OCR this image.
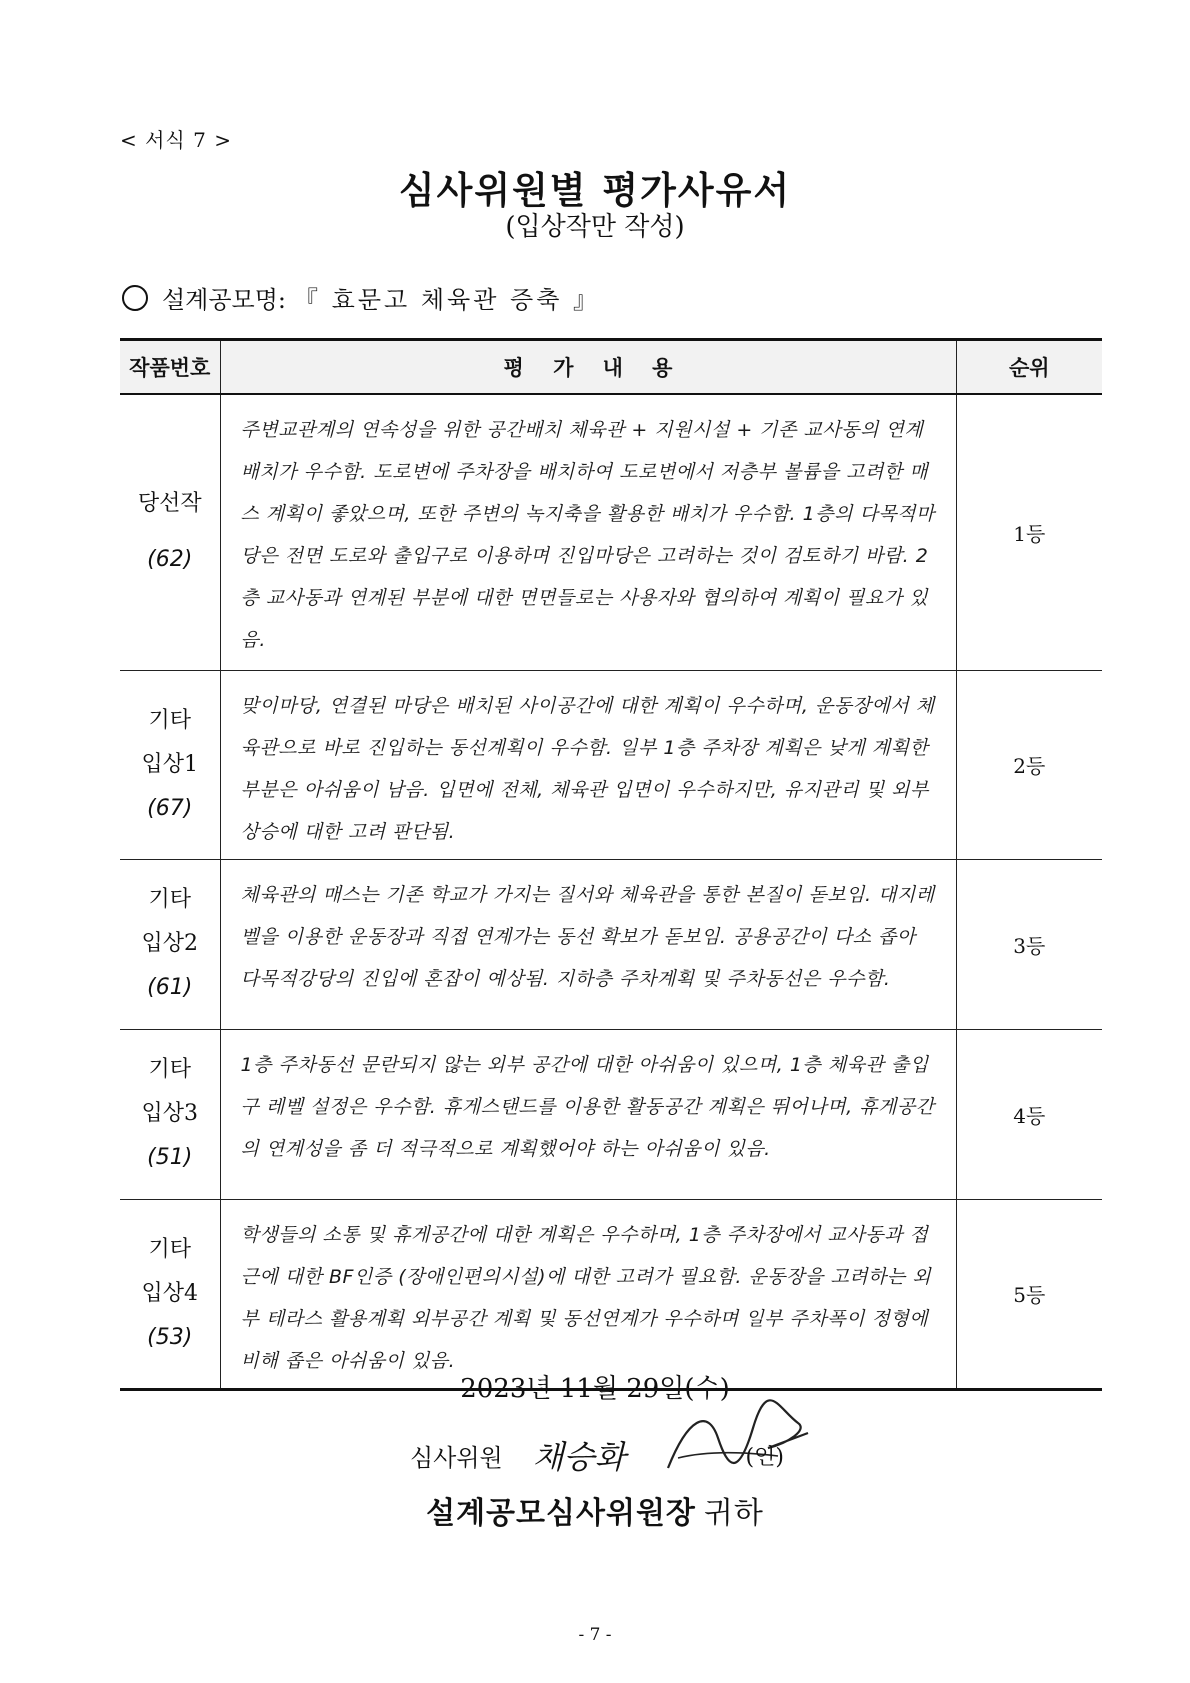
< 서식 7 >
심사위원별 평가사유서
(입상작만 작성)
설계공모명: 『 효문고 체육관 증축 』
작품번호	평    가    내    용	순위

당선작
(62)	주변교관계의 연속성을 위한 공간배치 체육관 + 지원시설 + 기존 교사동의 연계배치가 우수함. 도로변에 주차장을 배치하여 도로변에서 저층부 볼륨을 고려한 매스 계획이 좋았으며, 또한 주변의 녹지축을 활용한 배치가 우수함. 1층의 다목적마당은 전면 도로와 출입구로 이용하며 진입마당은 고려하는 것이 검토하기 바람. 2층 교사동과 연계된 부분에 대한 면면들로는 사용자와 협의하여 계획이 필요가 있음.	1등

기타
입상1
(67)	맞이마당, 연결된 마당은 배치된 사이공간에 대한 계획이 우수하며, 운동장에서 체육관으로 바로 진입하는 동선계획이 우수함. 일부 1층 주차장 계획은 낮게 계획한 부분은 아쉬움이 남음. 입면에 전체, 체육관 입면이 우수하지만, 유지관리 및 외부 상승에 대한 고려 판단됨.	2등

기타
입상2
(61)	체육관의 매스는 기존 학교가 가지는 질서와 체육관을 통한 본질이 돋보임. 대지레벨을 이용한 운동장과 직접 연계가는 동선 확보가 돋보임. 공용공간이 다소 좁아 다목적강당의 진입에 혼잡이 예상됨. 지하층 주차계획 및 주차동선은 우수함.	3등

기타
입상3
(51)	1층 주차동선 문란되지 않는 외부 공간에 대한 아쉬움이 있으며, 1층 체육관 출입구 레벨 설정은 우수함. 휴게스탠드를 이용한 활동공간 계획은 뛰어나며, 휴게공간의 연계성을 좀 더 적극적으로 계획했어야 하는 아쉬움이 있음.	4등

기타
입상4
(53)	학생들의 소통 및 휴게공간에 대한 계획은 우수하며, 1층 주차장에서 교사동과 접근에 대한 BF인증 (장애인편의시설)에 대한 고려가 필요함. 운동장을 고려하는 외부 테라스 활용계획 외부공간 계획 및 동선연계가 우수하며 일부 주차폭이 정형에 비해 좁은 아쉬움이 있음.	5등
2023년 11월 29일(수)
심사위원 채승화	(인)
설계공모심사위원장 귀하
- 7 -
